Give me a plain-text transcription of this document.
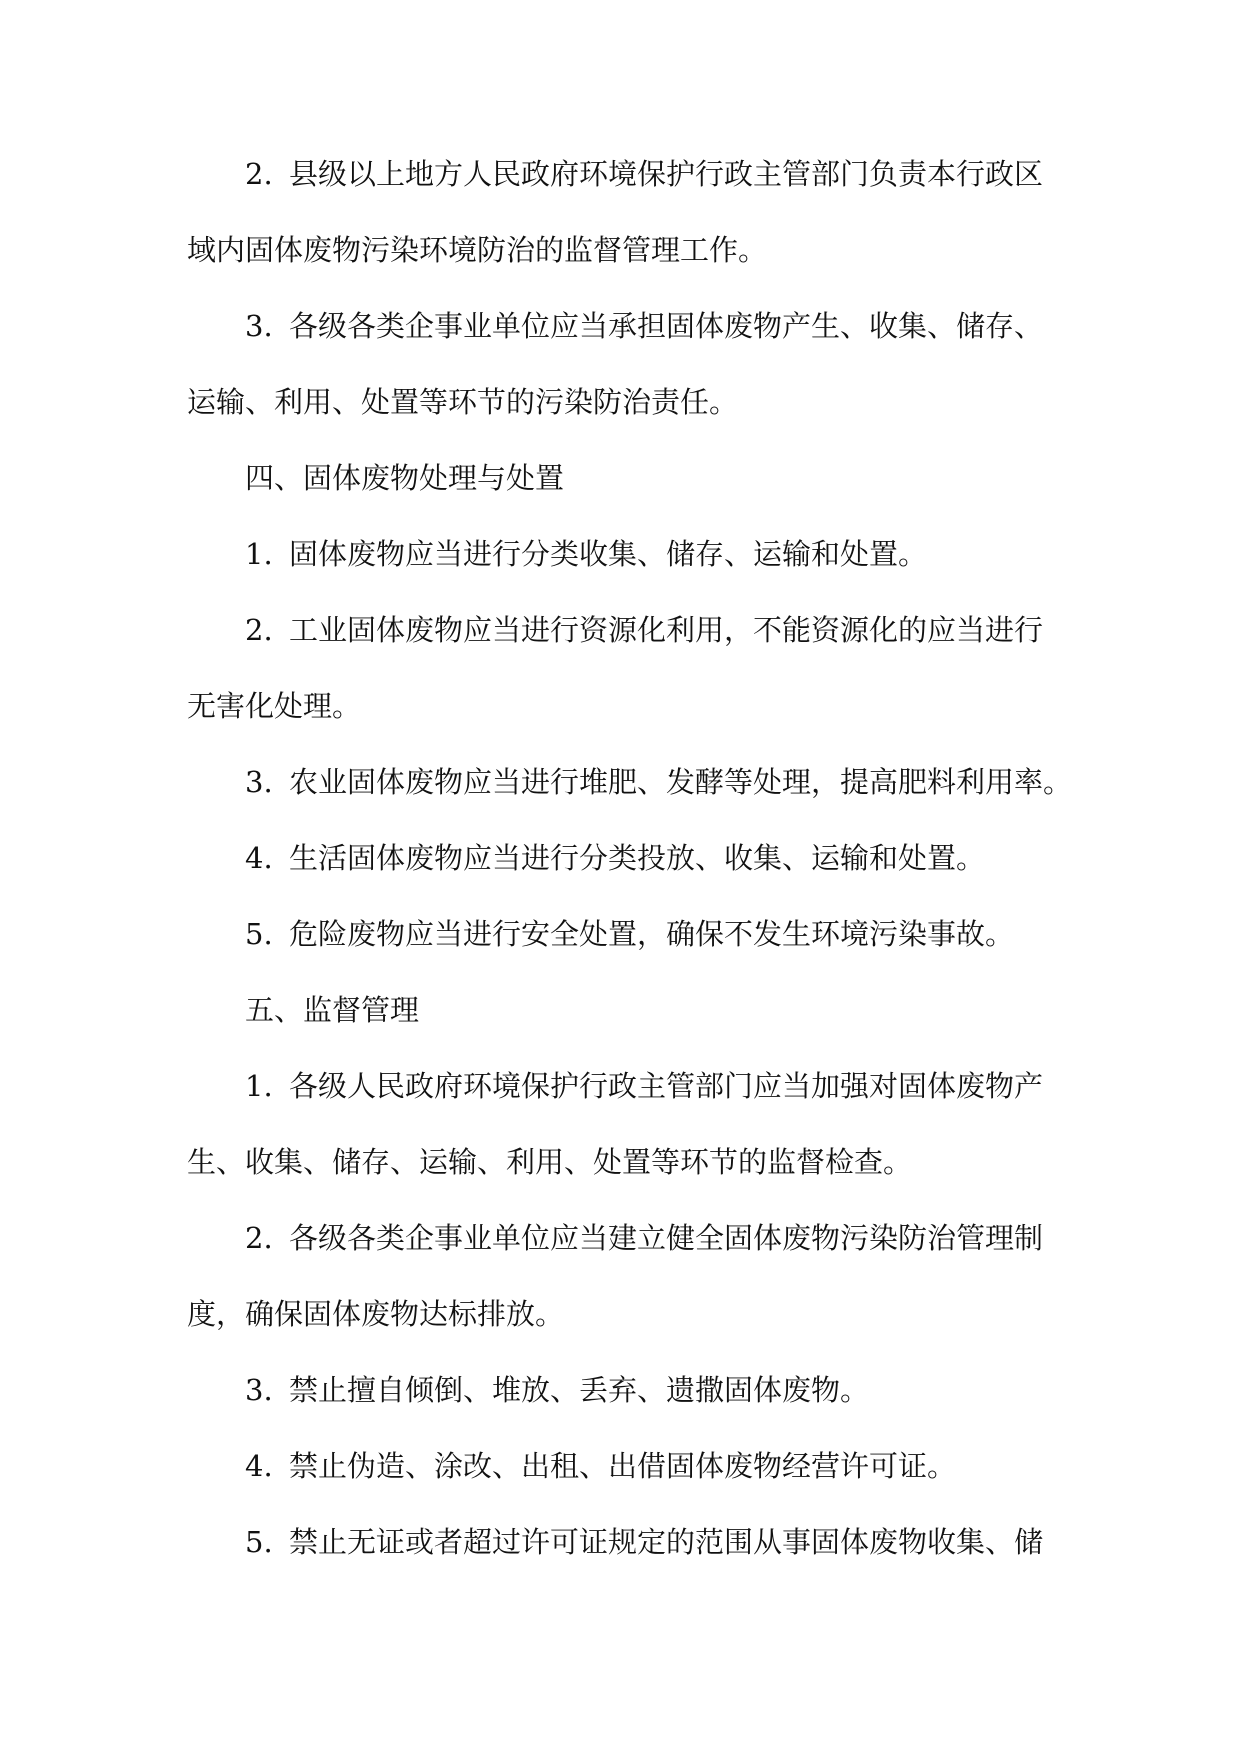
2. 县级以上地方人民政府环境保护行政主管部门负责本行政区
域内固体废物污染环境防治的监督管理工作。
3. 各级各类企事业单位应当承担固体废物产生、收集、储存、
运输、利用、处置等环节的污染防治责任。
四、固体废物处理与处置
1. 固体废物应当进行分类收集、储存、运输和处置。
2. 工业固体废物应当进行资源化利用，不能资源化的应当进行
无害化处理。
3. 农业固体废物应当进行堆肥、发酵等处理，提高肥料利用率。
4. 生活固体废物应当进行分类投放、收集、运输和处置。
5. 危险废物应当进行安全处置，确保不发生环境污染事故。
五、监督管理
1. 各级人民政府环境保护行政主管部门应当加强对固体废物产
生、收集、储存、运输、利用、处置等环节的监督检查。
2. 各级各类企事业单位应当建立健全固体废物污染防治管理制
度，确保固体废物达标排放。
3. 禁止擅自倾倒、堆放、丢弃、遗撒固体废物。
4. 禁止伪造、涂改、出租、出借固体废物经营许可证。
5. 禁止无证或者超过许可证规定的范围从事固体废物收集、储
